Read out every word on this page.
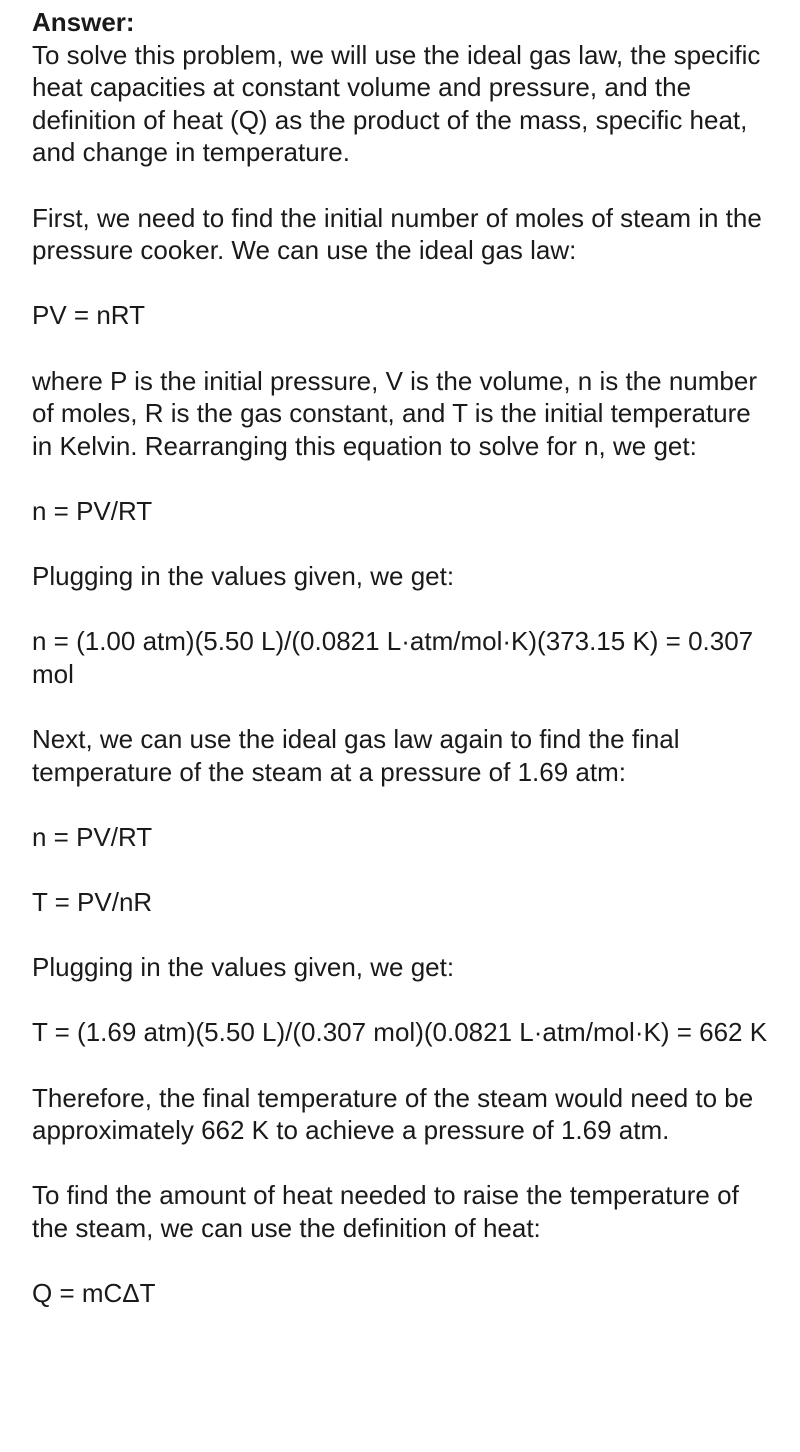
Answer:

To solve this problem, we will use the ideal gas law, the specific heat capacities at constant volume and pressure, and the definition of heat (Q) as the product of the mass, specific heat, and change in temperature.

First, we need to find the initial number of moles of steam in the pressure cooker. We can use the ideal gas law:

PV = nRT

where P is the initial pressure, V is the volume, n is the number of moles, R is the gas constant, and T is the initial temperature in Kelvin. Rearranging this equation to solve for n, we get:

n = PV/RT

Plugging in the values given, we get:

n = (1.00 atm)(5.50 L)/(0.0821 L·atm/mol·K)(373.15 K) = 0.307 mol

Next, we can use the ideal gas law again to find the final temperature of the steam at a pressure of 1.69 atm:

n = PV/RT

T = PV/nR

Plugging in the values given, we get:

T = (1.69 atm)(5.50 L)/(0.307 mol)(0.0821 L·atm/mol·K) = 662 K

Therefore, the final temperature of the steam would need to be approximately 662 K to achieve a pressure of 1.69 atm.

To find the amount of heat needed to raise the temperature of the steam, we can use the definition of heat:

Q = mCΔT
